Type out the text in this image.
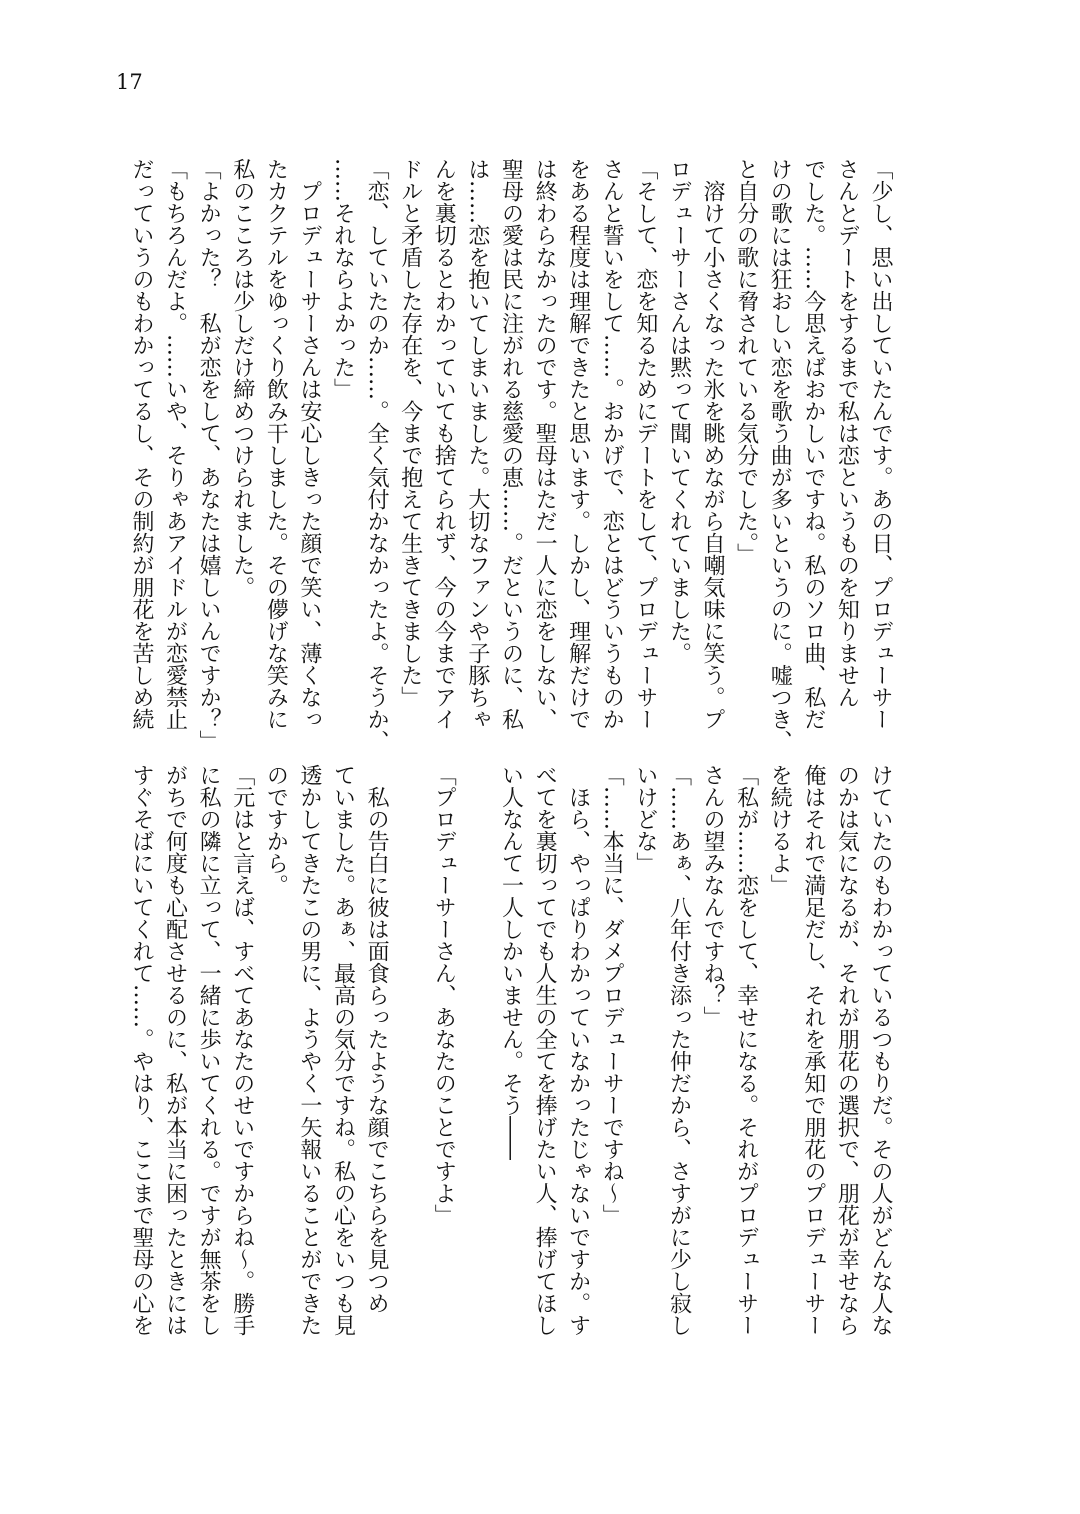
17
「少し、思い出していたんです。あの日、プロデューサー
さんとデートをするまで私は恋というものを知りません
でした。……今思えばおかしいですね。私のソロ曲、私だ
けの歌には狂おしい恋を歌う曲が多いというのに。嘘つき、
と自分の歌に脅されている気分でした。」
　溶けて小さくなった氷を眺めながら自嘲気味に笑う。プ
ロデューサーさんは黙って聞いてくれていました。
「そして、恋を知るためにデートをして、プロデューサー
さんと誓いをして……。おかげで、恋とはどういうものか
をある程度は理解できたと思います。しかし、理解だけで
は終わらなかったのです。聖母はただ一人に恋をしない、
聖母の愛は民に注がれる慈愛の恵……。だというのに、私
は……恋を抱いてしまいました。大切なファンや子豚ちゃ
んを裏切るとわかっていても捨てられず、今の今までアイ
ドルと矛盾した存在を、今まで抱えて生きてきました」
「恋、していたのか……。全く気付かなかったよ。そうか、
……それならよかった」
　プロデューサーさんは安心しきった顔で笑い、薄くなっ
たカクテルをゆっくり飲み干しました。その儚げな笑みに
私のこころは少しだけ締めつけられました。
「よかった？　私が恋をして、あなたは嬉しいんですか？」
「もちろんだよ。……いや、そりゃあアイドルが恋愛禁止
だっていうのもわかってるし、その制約が朋花を苦しめ続
けていたのもわかっているつもりだ。その人がどんな人な
のかは気になるが、それが朋花の選択で、朋花が幸せなら
俺はそれで満足だし、それを承知で朋花のプロデューサー
を続けるよ」
「私が……恋をして、幸せになる。それがプロデューサー
さんの望みなんですね？」
「……あぁ、八年付き添った仲だから、さすがに少し寂し
いけどな」
「……本当に、ダメプロデューサーですね～」
　ほら、やっぱりわかっていなかったじゃないですか。す
べてを裏切ってでも人生の全てを捧げたい人、捧げてほし
い人なんて一人しかいません。そう――
「プロデューサーさん、あなたのことですよ」
　私の告白に彼は面食らったような顔でこちらを見つめ
ていました。あぁ、最高の気分ですね。私の心をいつも見
透かしてきたこの男に、ようやく一矢報いることができた
のですから。
「元はと言えば、すべてあなたのせいですからね～。勝手
に私の隣に立って、一緒に歩いてくれる。ですが無茶をし
がちで何度も心配させるのに、私が本当に困ったときには
すぐそばにいてくれて……。やはり、ここまで聖母の心を
